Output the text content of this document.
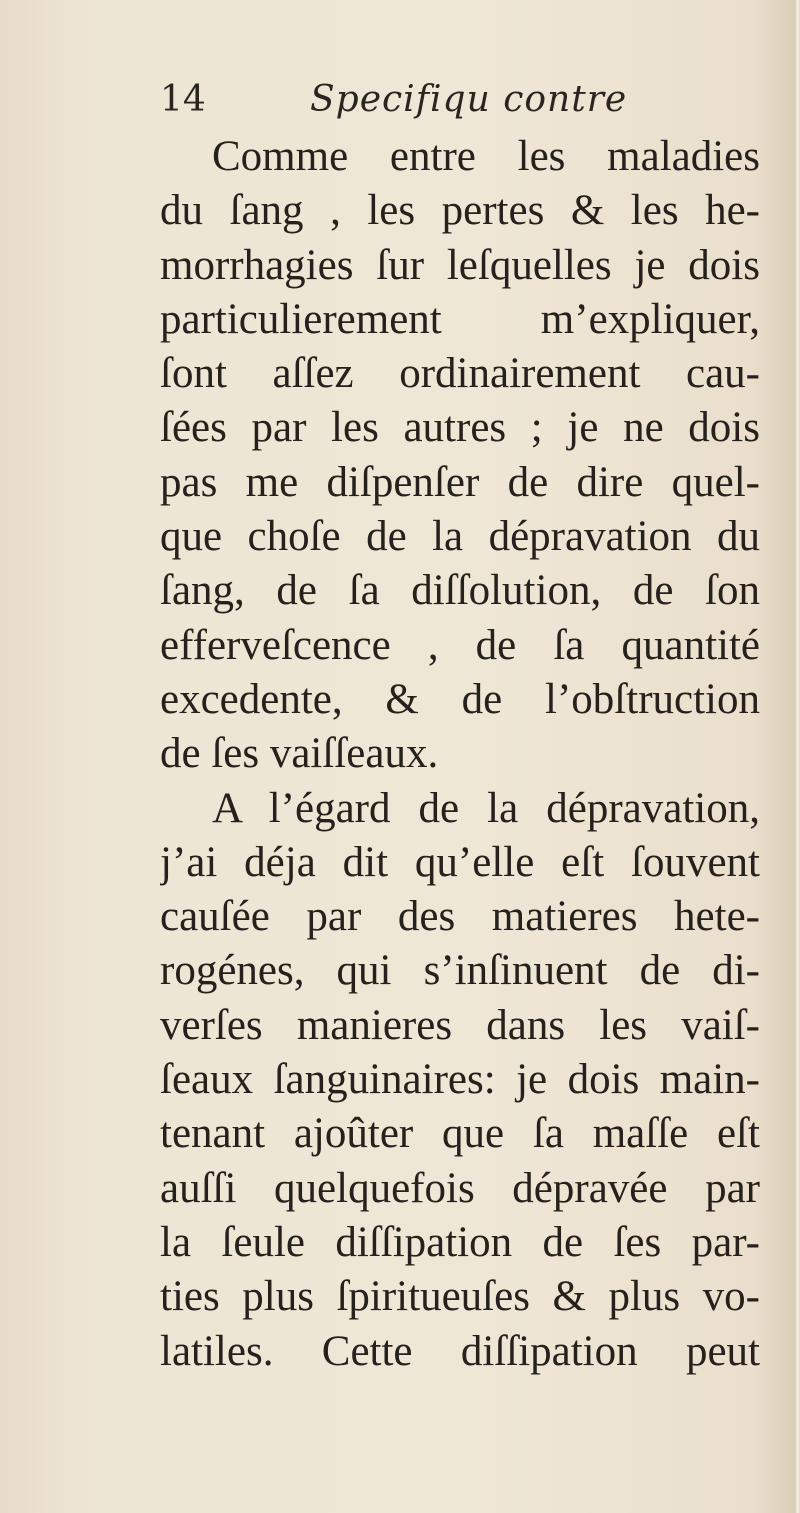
14	Specifiqu contre
Comme entre les maladies
du ſang , les pertes & les he-
morrhagies ſur leſquelles je dois
particulierement m’expliquer,
ſont aſſez ordinairement cau-
ſées par les autres ; je ne dois
pas me diſpenſer de dire quel-
que choſe de la dépravation du
ſang, de ſa diſſolution, de ſon
efferveſcence , de ſa quantité
excedente, & de l’obſtruction
de ſes vaiſſeaux.
A l’égard de la dépravation,
j’ai déja dit qu’elle eſt ſouvent
cauſée par des matieres hete-
rogénes, qui s’inſinuent de di-
verſes manieres dans les vaiſ-
ſeaux ſanguinaires: je dois main-
tenant ajoûter que ſa maſſe eſt
auſſi quelquefois dépravée par
la ſeule diſſipation de ſes par-
ties plus ſpiritueuſes & plus vo-
latiles. Cette diſſipation peut
